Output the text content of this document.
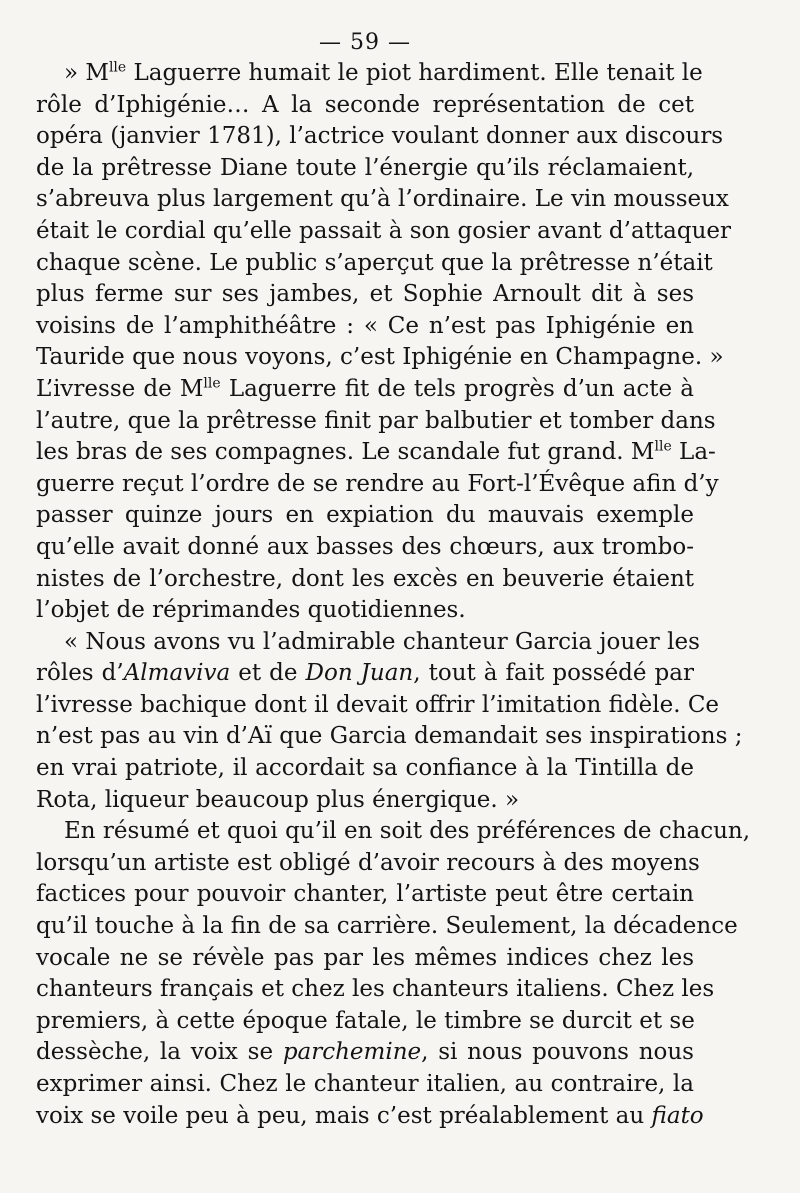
— 59 —
» $M^{lle}$ Laguerre humait le piot hardiment. Elle tenait le
rôle d’Iphigénie… A la seconde représentation de cet
opéra (janvier 1781), l’actrice voulant donner aux discours
de la prêtresse Diane toute l’énergie qu’ils réclamaient,
s’abreuva plus largement qu’à l’ordinaire. Le vin mousseux
était le cordial qu’elle passait à son gosier avant d’attaquer
chaque scène. Le public s’aperçut que la prêtresse n’était
plus ferme sur ses jambes, et Sophie Arnoult dit à ses
voisins de l’amphithéâtre : « Ce n’est pas Iphigénie en
Tauride que nous voyons, c’est Iphigénie en Champagne. »
L’ivresse de $M^{lle}$ Laguerre fit de tels progrès d’un acte à
l’autre, que la prêtresse finit par balbutier et tomber dans
les bras de ses compagnes. Le scandale fut grand. $M^{lle}$ La-
guerre reçut l’ordre de se rendre au Fort-l’Évêque afin d’y
passer quinze jours en expiation du mauvais exemple
qu’elle avait donné aux basses des chœurs, aux trombo-
nistes de l’orchestre, dont les excès en beuverie étaient
l’objet de réprimandes quotidiennes.
« Nous avons vu l’admirable chanteur Garcia jouer les
rôles d’Almaviva et de Don Juan, tout à fait possédé par
l’ivresse bachique dont il devait offrir l’imitation fidèle. Ce
n’est pas au vin d’Aï que Garcia demandait ses inspirations ;
en vrai patriote, il accordait sa confiance à la Tintilla de
Rota, liqueur beaucoup plus énergique. »
En résumé et quoi qu’il en soit des préférences de chacun,
lorsqu’un artiste est obligé d’avoir recours à des moyens
factices pour pouvoir chanter, l’artiste peut être certain
qu’il touche à la fin de sa carrière. Seulement, la décadence
vocale ne se révèle pas par les mêmes indices chez les
chanteurs français et chez les chanteurs italiens. Chez les
premiers, à cette époque fatale, le timbre se durcit et se
dessèche, la voix se parchemine, si nous pouvons nous
exprimer ainsi. Chez le chanteur italien, au contraire, la
voix se voile peu à peu, mais c’est préalablement au fiato
